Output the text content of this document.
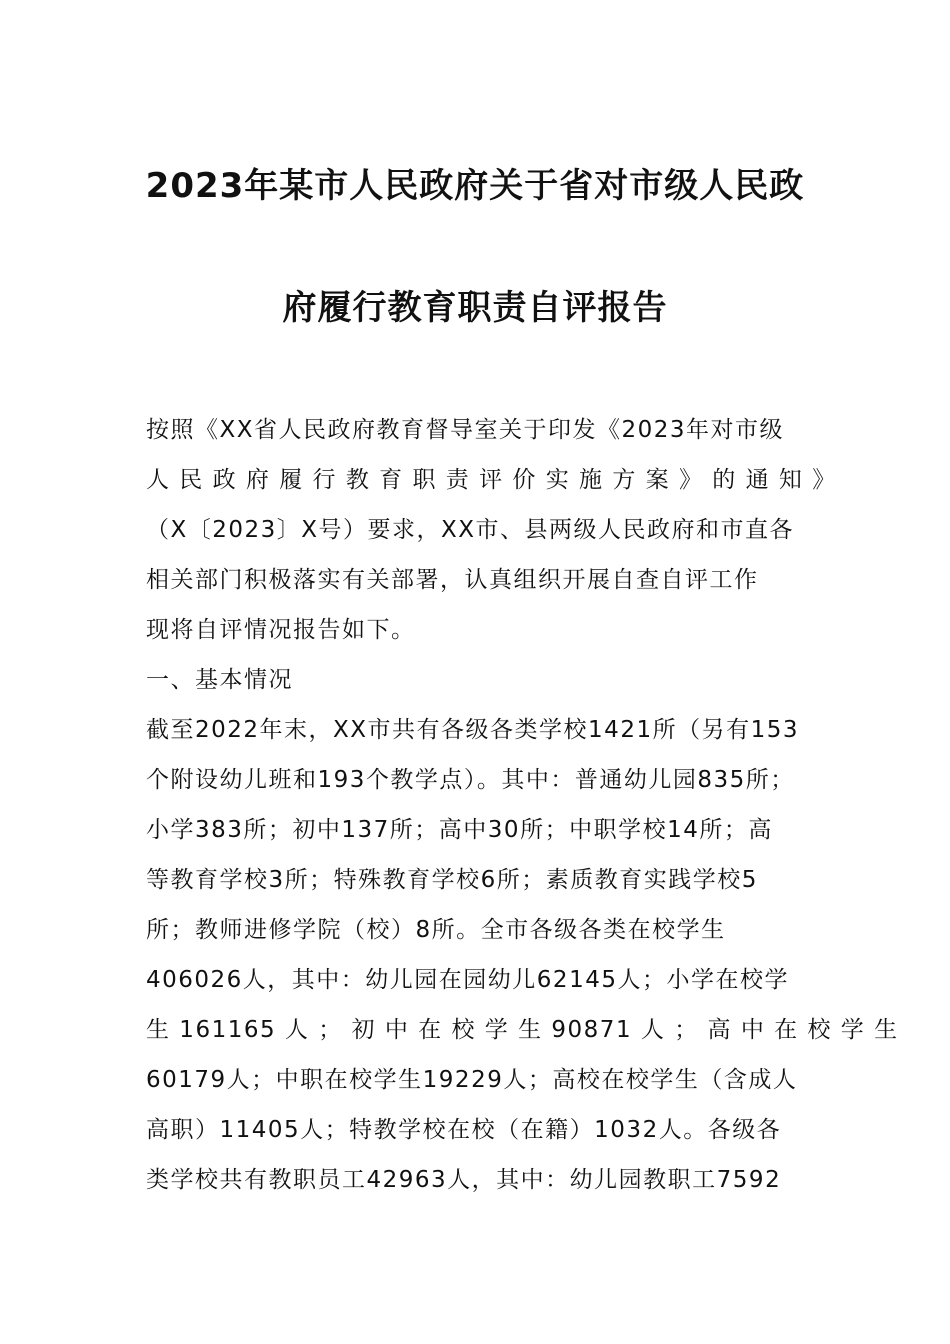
2023年某市人民政府关于省对市级人民政
府履行教育职责自评报告
按照《XX省人民政府教育督导室关于印发《2023年对市级
人 民 政 府 履 行 教 育 职 责 评 价 实 施 方 案 》 的 通 知 》
（X〔2023〕X号）要求，XX市、县两级人民政府和市直各
相关部门积极落实有关部署，认真组织开展自查自评工作
现将自评情况报告如下。
一、基本情况
截至2022年末，XX市共有各级各类学校1421所（另有153
个附设幼儿班和193个教学点）。其中：普通幼儿园835所；
小学383所；初中137所；高中30所；中职学校14所；高
等教育学校3所；特殊教育学校6所；素质教育实践学校5
所；教师进修学院（校）8所。全市各级各类在校学生
406026人，其中：幼儿园在园幼儿62145人；小学在校学
生 161165 人 ； 初 中 在 校 学 生 90871 人 ； 高 中 在 校 学 生
60179人；中职在校学生19229人；高校在校学生（含成人
高职）11405人；特教学校在校（在籍）1032人。各级各
类学校共有教职员工42963人，其中：幼儿园教职工7592
